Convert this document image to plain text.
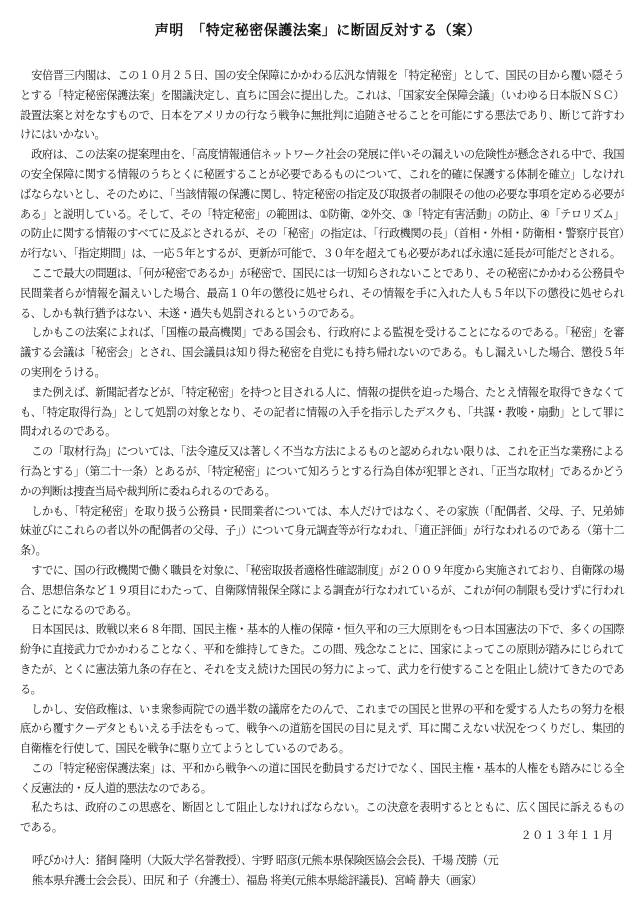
声明　「特定秘密保護法案」に断固反対する（案）

安倍晋三内閣は、この１０月２５日、国の安全保障にかかわる広汎な情報を「特定秘密」として、国民の目から覆い隠そうとする「特定秘密保護法案」を閣議決定し、直ちに国会に提出した。これは、「国家安全保障会議」（いわゆる日本版ＮＳＣ）設置法案と対をなすもので、日本をアメリカの行なう戦争に無批判に追随させることを可能にする悪法であり、断じて許すわけにはいかない。

政府は、この法案の提案理由を、「高度情報通信ネットワーク社会の発展に伴いその漏えいの危険性が懸念される中で、我国の安全保障に関する情報のうちとくに秘匿することが必要であるものについて、これを的確に保護する体制を確立」しなければならないとし、そのために、「当該情報の保護に関し、特定秘密の指定及び取扱者の制限その他の必要な事項を定める必要がある」と説明している。そして、その「特定秘密」の範囲は、①防衛、②外交、③「特定有害活動」の防止、④「テロリズム」の防止に関する情報のすべてに及ぶとされるが、その「秘密」の指定は、「行政機関の長」（首相・外相・防衛相・警察庁長官）が行ない、「指定期間」は、一応５年とするが、更新が可能で、３０年を超えても必要があれば永遠に延長が可能だとされる。

ここで最大の問題は、「何が秘密であるか」が秘密で、国民には一切知らされないことであり、その秘密にかかわる公務員や民間業者らが情報を漏えいした場合、最高１０年の懲役に処せられ、その情報を手に入れた人も５年以下の懲役に処せられる、しかも執行猶予はない、未遂・過失も処罰されるというのである。

しかもこの法案によれば、「国権の最高機関」である国会も、行政府による監視を受けることになるのである。「秘密」を審議する会議は「秘密会」とされ、国会議員は知り得た秘密を自党にも持ち帰れないのである。もし漏えいした場合、懲役５年の実刑をうける。

また例えば、新聞記者などが、「特定秘密」を持つと目される人に、情報の提供を迫った場合、たとえ情報を取得できなくても、「特定取得行為」として処罰の対象となり、その記者に情報の入手を指示したデスクも、「共謀・教唆・扇動」として罪に問われるのである。

この「取材行為」については、「法令違反又は著しく不当な方法によるものと認められない限りは、これを正当な業務による行為とする」（第二十一条）とあるが、「特定秘密」について知ろうとする行為自体が犯罪とされ、「正当な取材」であるかどうかの判断は捜査当局や裁判所に委ねられるのである。

しかも、「特定秘密」を取り扱う公務員・民間業者については、本人だけではなく、その家族（「配偶者、父母、子、兄弟姉妹並びにこれらの者以外の配偶者の父母、子」）について身元調査等が行なわれ、「適正評価」が行なわれるのである（第十二条）。

すでに、国の行政機関で働く職員を対象に、「秘密取扱者適格性確認制度」が２００９年度から実施されており、自衛隊の場合、思想信条など１９項目にわたって、自衛隊情報保全隊による調査が行なわれているが、これが何の制限も受けずに行われることになるのである。

日本国民は、敗戦以来６８年間、国民主権・基本的人権の保障・恒久平和の三大原則をもつ日本国憲法の下で、多くの国際紛争に直接武力でかかわることなく、平和を維持してきた。この間、残念なことに、国家によってこの原則が踏みにじられてきたが、とくに憲法第九条の存在と、それを支え続けた国民の努力によって、武力を行使することを阻止し続けてきたのである。

しかし、安倍政権は、いま衆参両院での過半数の議席をたのんで、これまでの国民と世界の平和を愛する人たちの努力を根底から覆すクーデタともいえる手法をもって、戦争への道筋を国民の目に見えず、耳に聞こえない状況をつくりだし、集団的自衛権を行使して、国民を戦争に駆り立てようとしているのである。

この「特定秘密保護法案」は、平和から戦争への道に国民を動員するだけでなく、国民主権・基本的人権をも踏みにじる全く反憲法的・反人道的悪法なのである。

私たちは、政府のこの思惑を、断固として阻止しなければならない。この決意を表明するとともに、広く国民に訴えるものである。

２０１３年１１月

呼びかけ人：猪飼 隆明（大阪大学名誉教授）、宇野 昭彦(元熊本県保険医協会会長)、千場 茂勝（元

熊本県弁護士会会長）、田尻 和子（弁護士）、福島 将美(元熊本県総評議長)、宮崎 静夫（画家）
